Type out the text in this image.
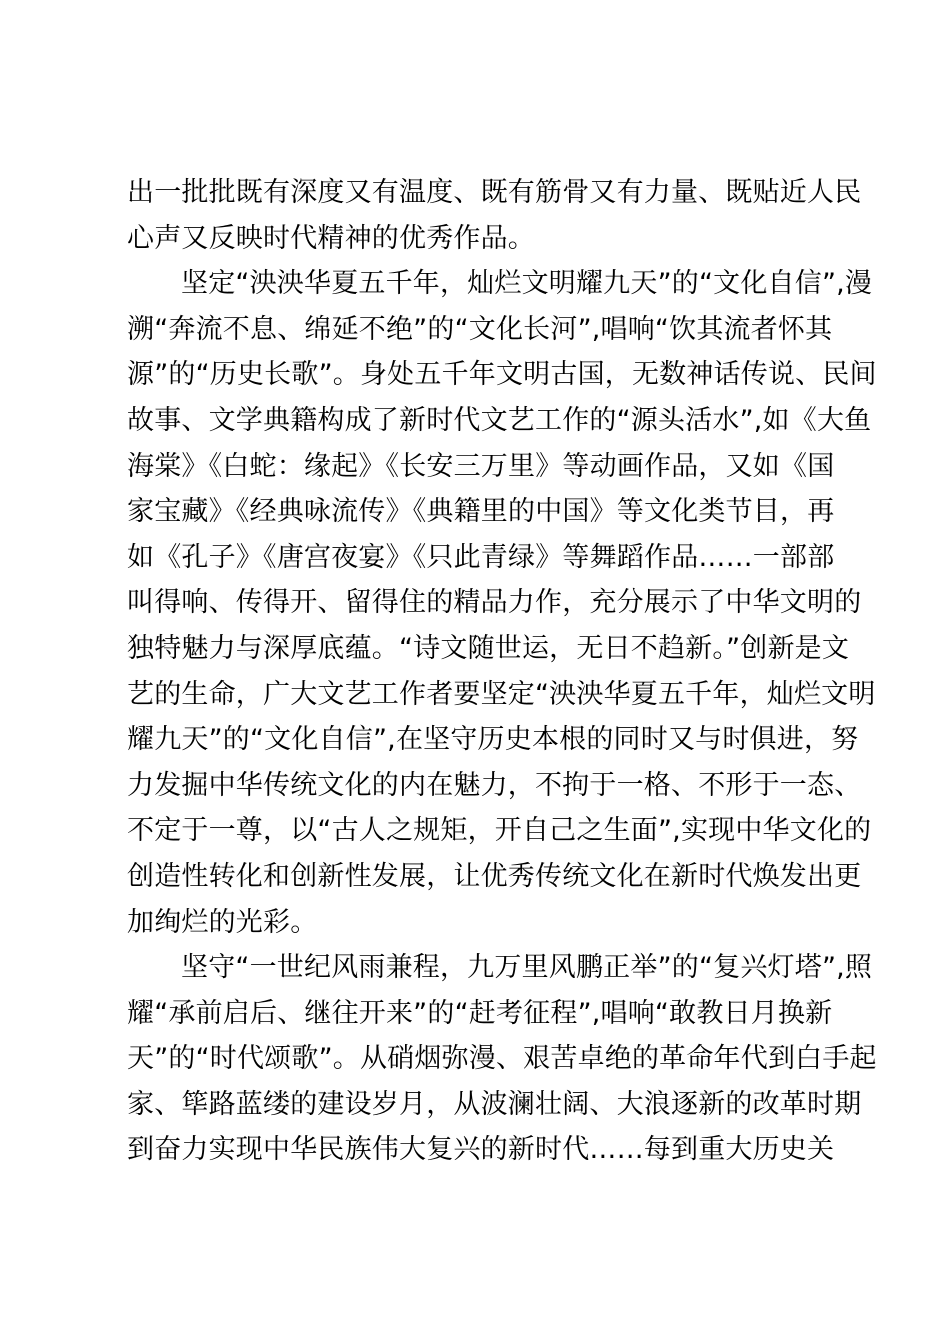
出一批批既有深度又有温度、既有筋骨又有力量、既贴近人民
心声又反映时代精神的优秀作品。
坚定“泱泱华夏五千年，灿烂文明耀九天”的“文化自信”,漫
溯“奔流不息、绵延不绝”的“文化长河”,唱响“饮其流者怀其
源”的“历史长歌”。身处五千年文明古国，无数神话传说、民间
故事、文学典籍构成了新时代文艺工作的“源头活水”,如《大鱼
海棠》《白蛇：缘起》《长安三万里》等动画作品，又如《国
家宝藏》《经典咏流传》《典籍里的中国》等文化类节目，再
如《孔子》《唐宫夜宴》《只此青绿》等舞蹈作品……一部部
叫得响、传得开、留得住的精品力作，充分展示了中华文明的
独特魅力与深厚底蕴。“诗文随世运，无日不趋新。”创新是文
艺的生命，广大文艺工作者要坚定“泱泱华夏五千年，灿烂文明
耀九天”的“文化自信”,在坚守历史本根的同时又与时俱进，努
力发掘中华传统文化的内在魅力，不拘于一格、不形于一态、
不定于一尊，以“古人之规矩，开自己之生面”,实现中华文化的
创造性转化和创新性发展，让优秀传统文化在新时代焕发出更
加绚烂的光彩。
坚守“一世纪风雨兼程，九万里风鹏正举”的“复兴灯塔”,照
耀“承前启后、继往开来”的“赶考征程”,唱响“敢教日月换新
天”的“时代颂歌”。从硝烟弥漫、艰苦卓绝的革命年代到白手起
家、筚路蓝缕的建设岁月，从波澜壮阔、大浪逐新的改革时期
到奋力实现中华民族伟大复兴的新时代……每到重大历史关
